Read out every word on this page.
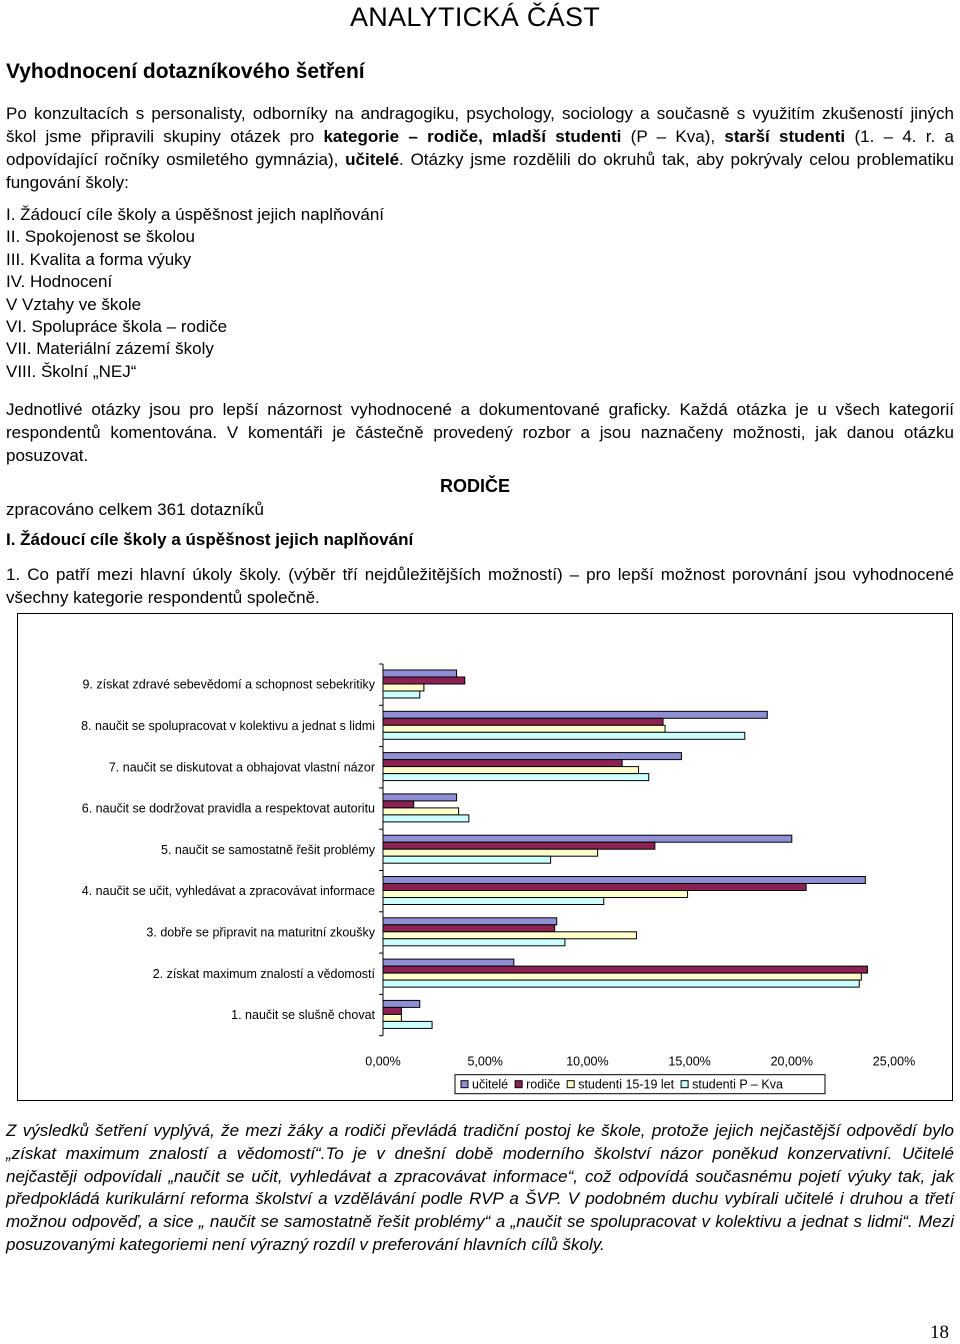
ANALYTICKÁ ČÁST
Vyhodnocení dotazníkového šetření
Po konzultacích s personalisty, odborníky na andragogiku, psychology, sociology a současně s využitím zkušeností jiných škol jsme připravili skupiny otázek pro kategorie – rodiče, mladší studenti (P – Kva), starší studenti (1. – 4. r. a odpovídající ročníky osmiletého gymnázia), učitelé. Otázky jsme rozdělili do okruhů tak, aby pokrývaly celou problematiku fungování školy:
I. Žádoucí cíle školy a úspěšnost jejich naplňování
II. Spokojenost se školou
III. Kvalita a forma výuky
IV. Hodnocení
V Vztahy ve škole
VI. Spolupráce škola – rodiče
VII. Materiální zázemí školy
VIII. Školní „NEJ“
Jednotlivé otázky jsou pro lepší názornost vyhodnocené a dokumentované graficky. Každá otázka je u všech kategorií respondentů komentována. V komentáři je částečně provedený rozbor a jsou naznačeny možnosti, jak danou otázku posuzovat.
RODIČE
zpracováno celkem 361 dotazníků
I. Žádoucí cíle školy a úspěšnost jejich naplňování
1. Co patří mezi hlavní úkoly školy. (výběr tří nejdůležitějších možností) – pro lepší možnost porovnání jsou vyhodnocené všechny kategorie respondentů společně.
9. získat zdravé sebevědomí a schopnost sebekritiky
8. naučit se spolupracovat v kolektivu a jednat s lidmi
7. naučit se diskutovat a obhajovat vlastní názor
6. naučit se dodržovat pravidla a respektovat autoritu
5. naučit se samostatně řešit problémy
4. naučit se učit, vyhledávat a zpracovávat informace
3. dobře se připravit na maturitní zkoušky
2. získat maximum znalostí a vědomostí
1. naučit se slušně chovat
0,00%	5,00%	10,00%	15,00%	20,00%	25,00%
učitelé rodiče studenti 15-19 let studenti P – Kva
Z výsledků šetření vyplývá, že mezi žáky a rodiči převládá tradiční postoj ke škole, protože jejich nejčastější odpovědí bylo „získat maximum znalostí a vědomostí“.To je v dnešní době moderního školství názor poněkud konzervativní. Učitelé nejčastěji odpovídali „naučit se učit, vyhledávat a zpracovávat informace“, což odpovídá současnému pojetí výuky tak, jak předpokládá kurikulární reforma školství a vzdělávání podle RVP a ŠVP. V podobném duchu vybírali učitelé i druhou a třetí možnou odpověď, a sice „ naučit se samostatně řešit problémy“ a „naučit se spolupracovat v kolektivu a jednat s lidmi“. Mezi posuzovanými kategoriemi není výrazný rozdíl v preferování hlavních cílů školy.
18
